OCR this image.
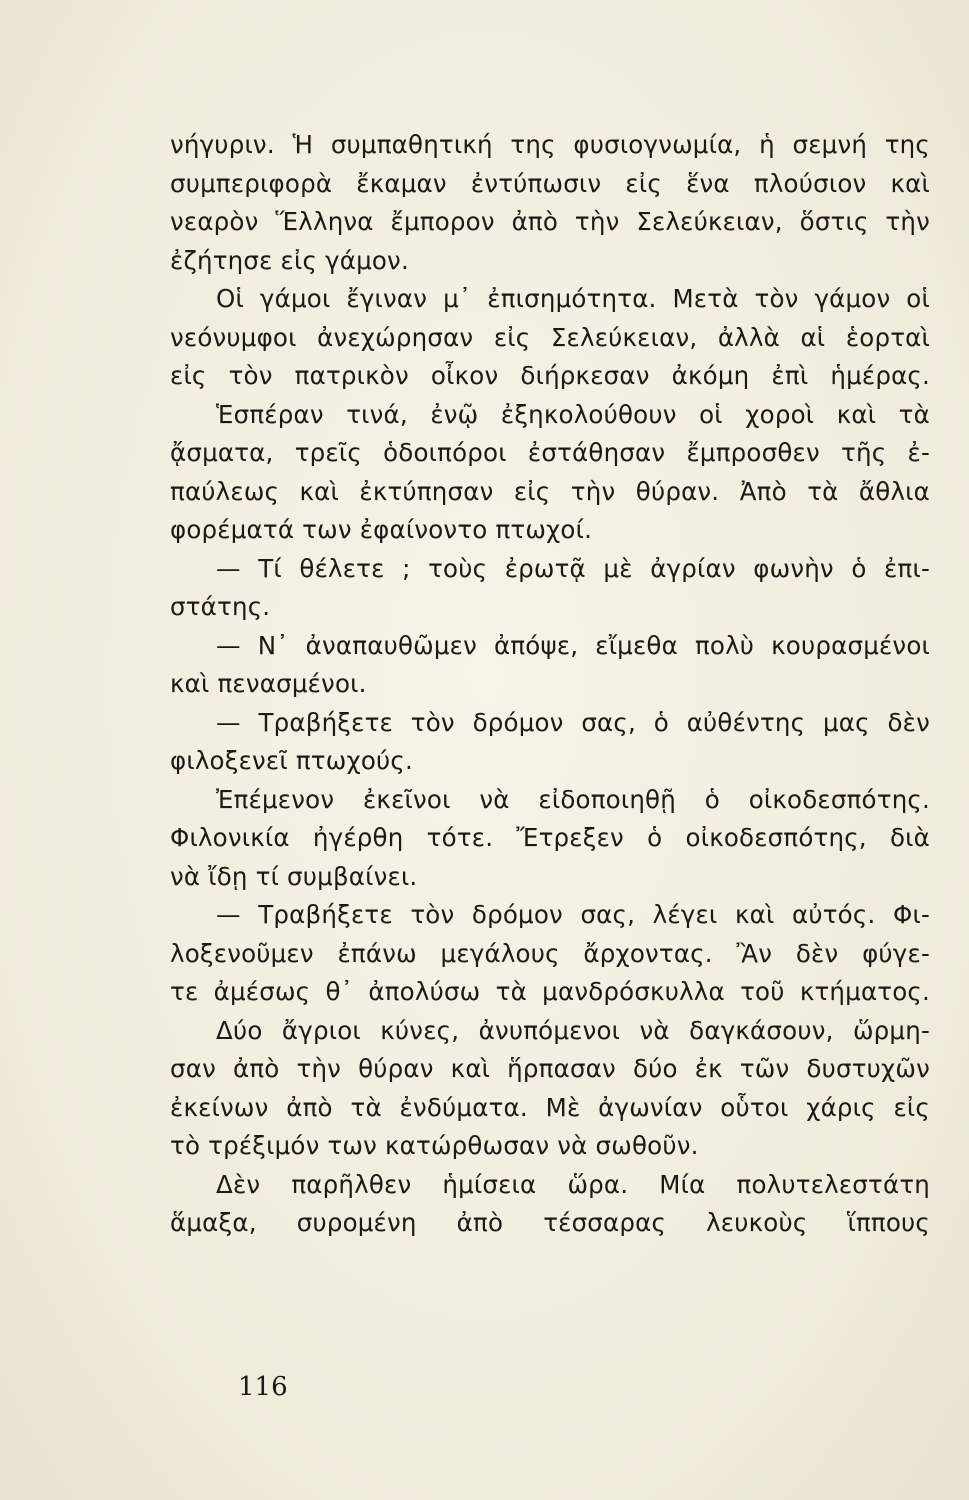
νήγυριν. Ἡ συμπαθητική της φυσιογνωμία, ἡ σεμνή της
συμπεριφορὰ ἔκαμαν ἐντύπωσιν εἰς ἕνα πλούσιον καὶ
νεαρὸν Ἕλληνα ἔμπορον ἀπὸ τὴν Σελεύκειαν, ὅστις τὴν
ἐζήτησε εἰς γάμον.
Οἱ γάμοι ἔγιναν μ᾽ ἐπισημότητα. Μετὰ τὸν γάμον οἱ
νεόνυμφοι ἀνεχώρησαν εἰς Σελεύκειαν, ἀλλὰ αἱ ἑορταὶ
εἰς τὸν πατρικὸν οἶκον διήρκεσαν ἀκόμη ἐπὶ ἡμέρας.
Ἑσπέραν τινά, ἐνῷ ἐξηκολούθουν οἱ χοροὶ καὶ τὰ
ᾄσματα, τρεῖς ὁδοιπόροι ἐστάθησαν ἔμπροσθεν τῆς ἐ-
παύλεως καὶ ἐκτύπησαν εἰς τὴν θύραν. Ἀπὸ τὰ ἄθλια
φορέματά των ἐφαίνοντο πτωχοί.
— Τί θέλετε ; τοὺς ἐρωτᾷ μὲ ἀγρίαν φωνὴν ὁ ἐπι-
στάτης.
— Ν᾽ ἀναπαυθῶμεν ἀπόψε, εἴμεθα πολὺ κουρασμένοι
καὶ πενασμένοι.
— Τραβήξετε τὸν δρόμον σας, ὁ αὐθέντης μας δὲν
φιλοξενεῖ πτωχούς.
Ἐπέμενον ἐκεῖνοι νὰ εἰδοποιηθῇ ὁ οἰκοδεσπότης.
Φιλονικία ἠγέρθη τότε. Ἔτρεξεν ὁ οἰκοδεσπότης, διὰ
νὰ ἴδῃ τί συμβαίνει.
— Τραβήξετε τὸν δρόμον σας, λέγει καὶ αὐτός. Φι-
λοξενοῦμεν ἐπάνω μεγάλους ἄρχοντας. Ἂν δὲν φύγε-
τε ἀμέσως θ᾽ ἀπολύσω τὰ μανδρόσκυλλα τοῦ κτήματος.
Δύο ἄγριοι κύνες, ἀνυπόμενοι νὰ δαγκάσουν, ὥρμη-
σαν ἀπὸ τὴν θύραν καὶ ἥρπασαν δύο ἐκ τῶν δυστυχῶν
ἐκείνων ἀπὸ τὰ ἐνδύματα. Μὲ ἀγωνίαν οὗτοι χάρις εἰς
τὸ τρέξιμόν των κατώρθωσαν νὰ σωθοῦν.
Δὲν παρῆλθεν ἡμίσεια ὥρα. Μία πολυτελεστάτη
ἅμαξα, συρομένη ἀπὸ τέσσαρας λευκοὺς ἵππους
116
